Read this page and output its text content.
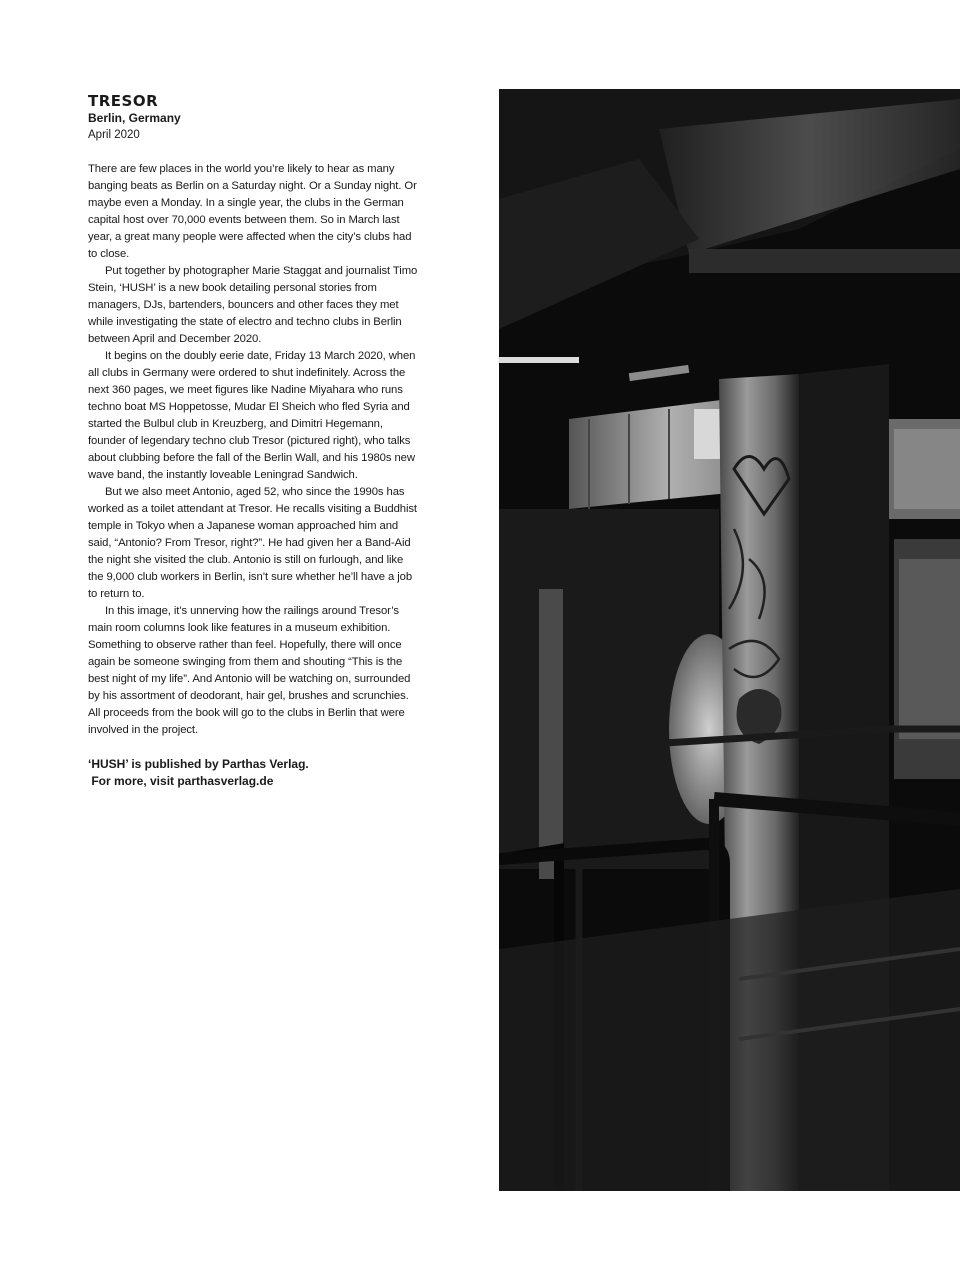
TRESOR
Berlin, Germany
April 2020

There are few places in the world you’re likely to hear as many banging beats as Berlin on a Saturday night. Or a Sunday night. Or maybe even a Monday. In a single year, the clubs in the German capital host over 70,000 events between them. So in March last year, a great many people were affected when the city’s clubs had to close.

Put together by photographer Marie Staggat and journalist Timo Stein, ‘HUSH’ is a new book detailing personal stories from managers, DJs, bartenders, bouncers and other faces they met while investigating the state of electro and techno clubs in Berlin between April and December 2020.

It begins on the doubly eerie date, Friday 13 March 2020, when all clubs in Germany were ordered to shut indefinitely. Across the next 360 pages, we meet figures like Nadine Miyahara who runs techno boat MS Hoppetosse, Mudar El Sheich who fled Syria and started the Bulbul club in Kreuzberg, and Dimitri Hegemann, founder of legendary techno club Tresor (pictured right), who talks about clubbing before the fall of the Berlin Wall, and his 1980s new wave band, the instantly loveable Leningrad Sandwich.

But we also meet Antonio, aged 52, who since the 1990s has worked as a toilet attendant at Tresor. He recalls visiting a Buddhist temple in Tokyo when a Japanese woman approached him and said, “Antonio? From Tresor, right?”. He had given her a Band-Aid the night she visited the club. Antonio is still on furlough, and like the 9,000 club workers in Berlin, isn’t sure whether he’ll have a job to return to.

In this image, it’s unnerving how the railings around Tresor’s main room columns look like features in a museum exhibition. Something to observe rather than feel. Hopefully, there will once again be someone swinging from them and shouting “This is the best night of my life”. And Antonio will be watching on, surrounded by his assortment of deodorant, hair gel, brushes and scrunchies. All proceeds from the book will go to the clubs in Berlin that were involved in the project.

‘HUSH’ is published by Parthas Verlag.
For more, visit parthasverlag.de
